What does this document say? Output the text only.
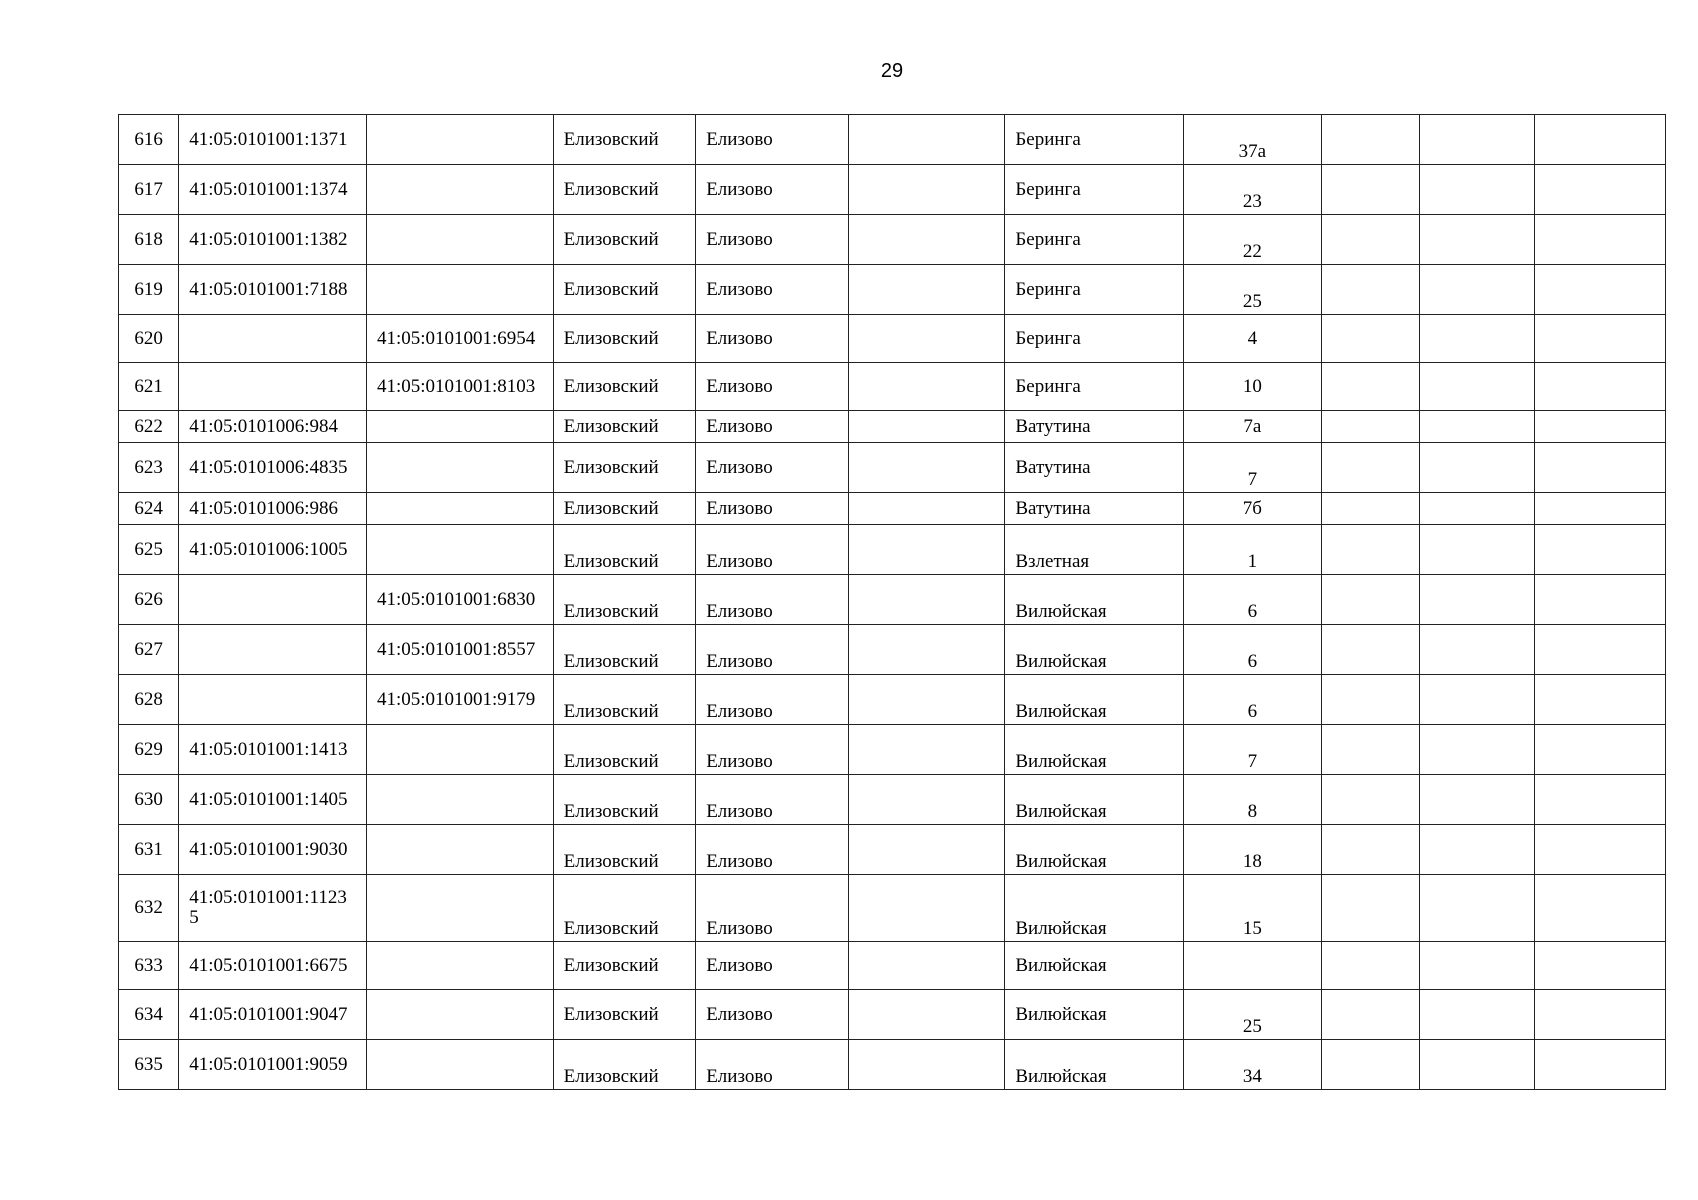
29
616	41:05:0101001:1371		Елизовский	Елизово		Беринга	37а			
617	41:05:0101001:1374		Елизовский	Елизово		Беринга	23			
618	41:05:0101001:1382		Елизовский	Елизово		Беринга	22			
619	41:05:0101001:7188		Елизовский	Елизово		Беринга	25			
620		41:05:0101001:6954	Елизовский	Елизово		Беринга	4			
621		41:05:0101001:8103	Елизовский	Елизово		Беринга	10			
622	41:05:0101006:984		Елизовский	Елизово		Ватутина	7а			
623	41:05:0101006:4835		Елизовский	Елизово		Ватутина	7			
624	41:05:0101006:986		Елизовский	Елизово		Ватутина	7б			
625	41:05:0101006:1005		Елизовский	Елизово		Взлетная	1			
626		41:05:0101001:6830	Елизовский	Елизово		Вилюйская	6			
627		41:05:0101001:8557	Елизовский	Елизово		Вилюйская	6			
628		41:05:0101001:9179	Елизовский	Елизово		Вилюйская	6			
629	41:05:0101001:1413		Елизовский	Елизово		Вилюйская	7			
630	41:05:0101001:1405		Елизовский	Елизово		Вилюйская	8			
631	41:05:0101001:9030		Елизовский	Елизово		Вилюйская	18			
632	41:05:0101001:11235		Елизовский	Елизово		Вилюйская	15			
633	41:05:0101001:6675		Елизовский	Елизово		Вилюйская				
634	41:05:0101001:9047		Елизовский	Елизово		Вилюйская	25			
635	41:05:0101001:9059		Елизовский	Елизово		Вилюйская	34			
